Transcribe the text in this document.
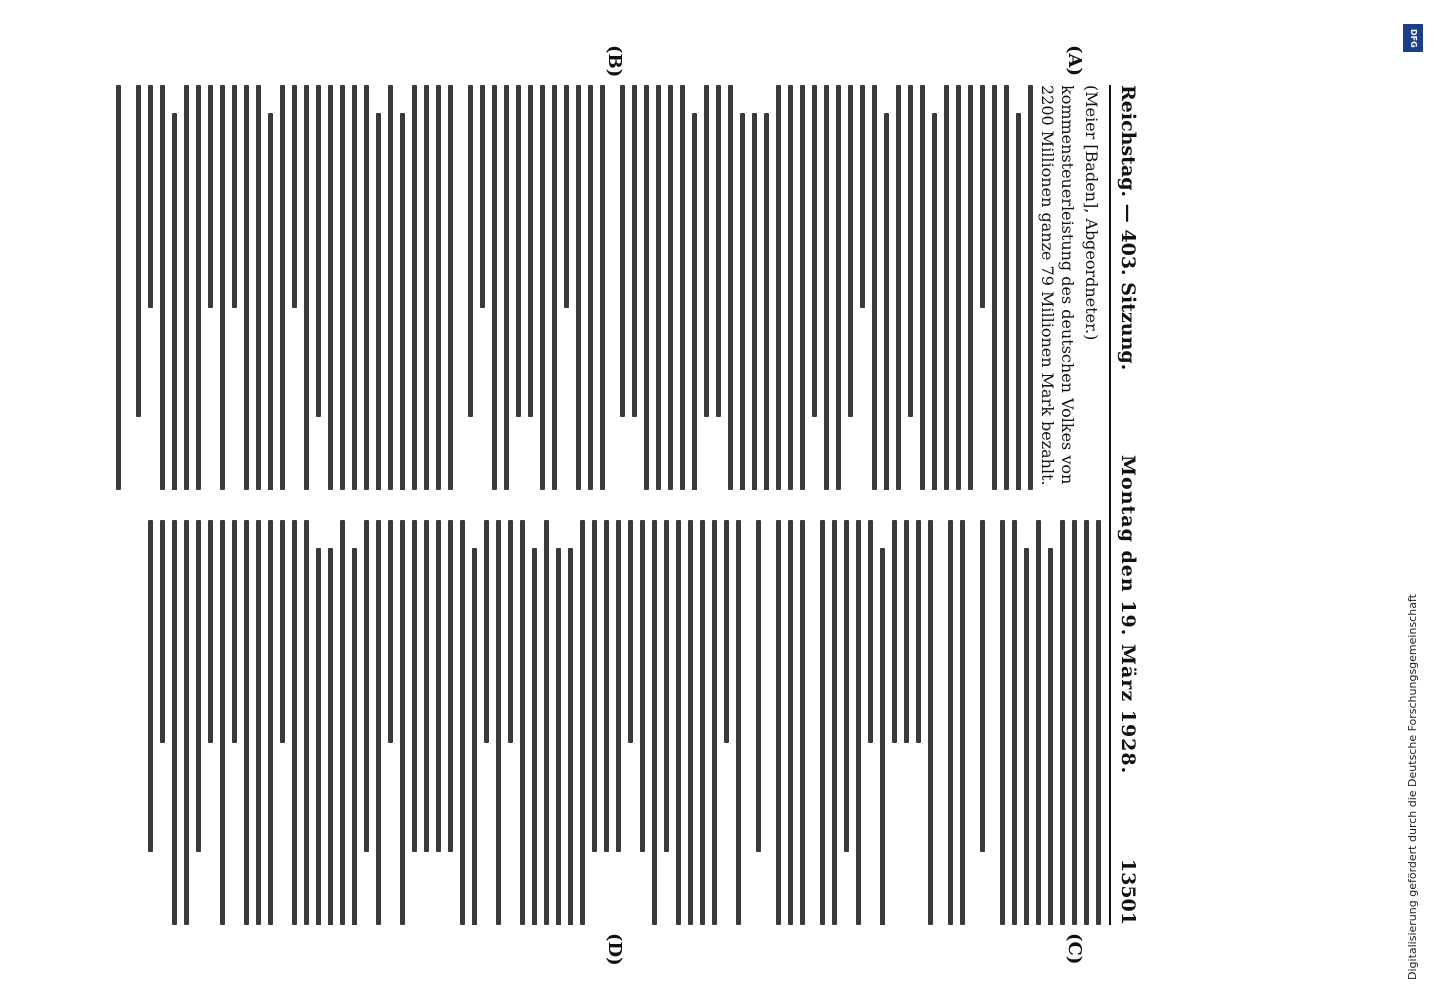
Reichstag. — 403. Sitzung.
Montag den 19. März 1928.
13501

(Meier [Baden], Abgeordneter.)

kommensteuerleistung des deutschen Volkes von 2200 Millionen ganze 79 Millionen Mark bezahlt.

(A)
(B)
(C)
(D)
DFG
Digitalisierung gefördert durch die Deutsche Forschungsgemeinschaft
